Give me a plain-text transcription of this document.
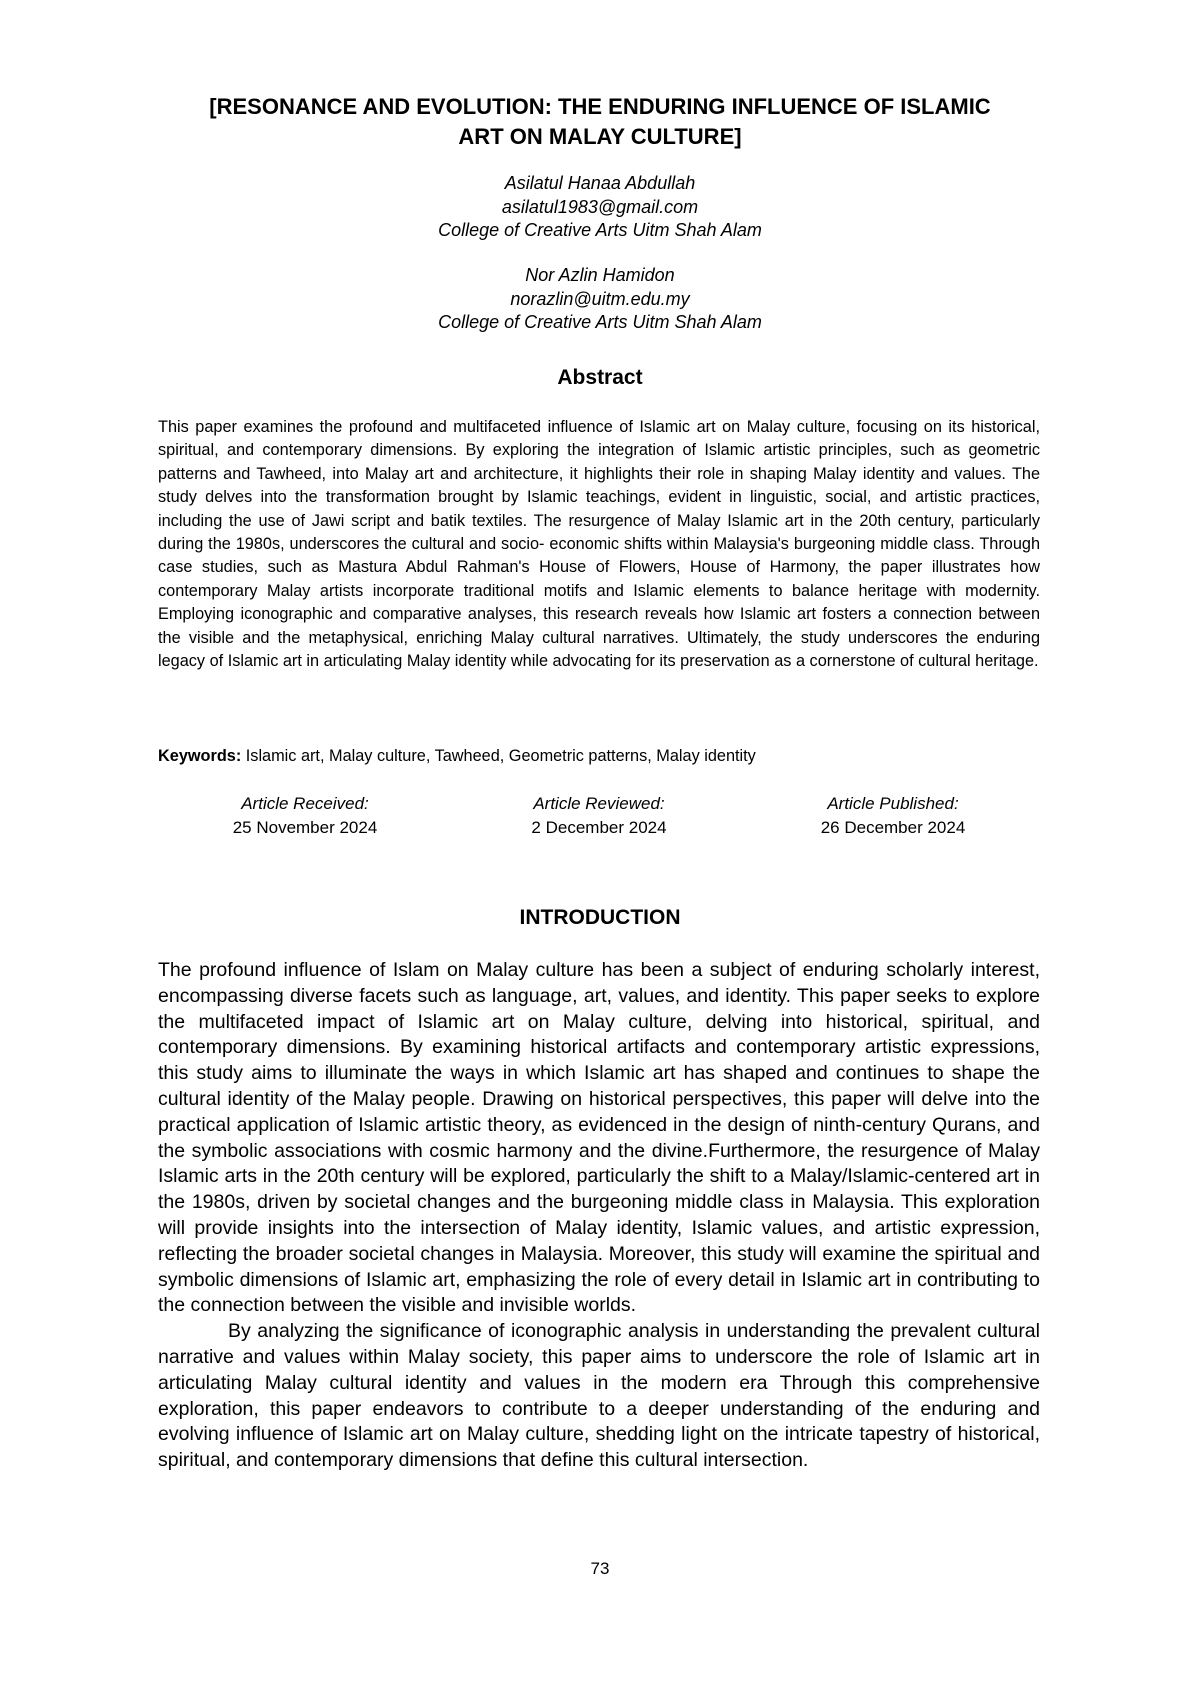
[RESONANCE AND EVOLUTION: THE ENDURING INFLUENCE OF ISLAMIC
ART ON MALAY CULTURE]
Asilatul Hanaa Abdullah
asilatul1983@gmail.com
College of Creative Arts Uitm Shah Alam
Nor Azlin Hamidon
norazlin@uitm.edu.my
College of Creative Arts Uitm Shah Alam
Abstract

This paper examines the profound and multifaceted influence of Islamic art on Malay culture, focusing on its historical, spiritual, and contemporary dimensions. By exploring the integration of Islamic artistic principles, such as geometric patterns and Tawheed, into Malay art and architecture, it highlights their role in shaping Malay identity and values. The study delves into the transformation brought by Islamic teachings, evident in linguistic, social, and artistic practices, including the use of Jawi script and batik textiles. The resurgence of Malay Islamic art in the 20th century, particularly during the 1980s, underscores the cultural and socio- economic shifts within Malaysia's burgeoning middle class. Through case studies, such as Mastura Abdul Rahman's House of Flowers, House of Harmony, the paper illustrates how contemporary Malay artists incorporate traditional motifs and Islamic elements to balance heritage with modernity. Employing iconographic and comparative analyses, this research reveals how Islamic art fosters a connection between the visible and the metaphysical, enriching Malay cultural narratives. Ultimately, the study underscores the enduring legacy of Islamic art in articulating Malay identity while advocating for its preservation as a cornerstone of cultural heritage.

Keywords: Islamic art, Malay culture, Tawheed, Geometric patterns, Malay identity

Article Received:
25 November 2024
Article Reviewed:
2 December 2024
Article Published:
26 December 2024
INTRODUCTION

The profound influence of Islam on Malay culture has been a subject of enduring scholarly interest, encompassing diverse facets such as language, art, values, and identity. This paper seeks to explore the multifaceted impact of Islamic art on Malay culture, delving into historical, spiritual, and contemporary dimensions. By examining historical artifacts and contemporary artistic expressions, this study aims to illuminate the ways in which Islamic art has shaped and continues to shape the cultural identity of the Malay people. Drawing on historical perspectives, this paper will delve into the practical application of Islamic artistic theory, as evidenced in the design of ninth-century Qurans, and the symbolic associations with cosmic harmony and the divine.Furthermore, the resurgence of Malay Islamic arts in the 20th century will be explored, particularly the shift to a Malay/Islamic-centered art in the 1980s, driven by societal changes and the burgeoning middle class in Malaysia. This exploration will provide insights into the intersection of Malay identity, Islamic values, and artistic expression, reflecting the broader societal changes in Malaysia. Moreover, this study will examine the spiritual and symbolic dimensions of Islamic art, emphasizing the role of every detail in Islamic art in contributing to the connection between the visible and invisible worlds.

By analyzing the significance of iconographic analysis in understanding the prevalent cultural narrative and values within Malay society, this paper aims to underscore the role of Islamic art in articulating Malay cultural identity and values in the modern era Through this comprehensive exploration, this paper endeavors to contribute to a deeper understanding of the enduring and evolving influence of Islamic art on Malay culture, shedding light on the intricate tapestry of historical, spiritual, and contemporary dimensions that define this cultural intersection.

73
